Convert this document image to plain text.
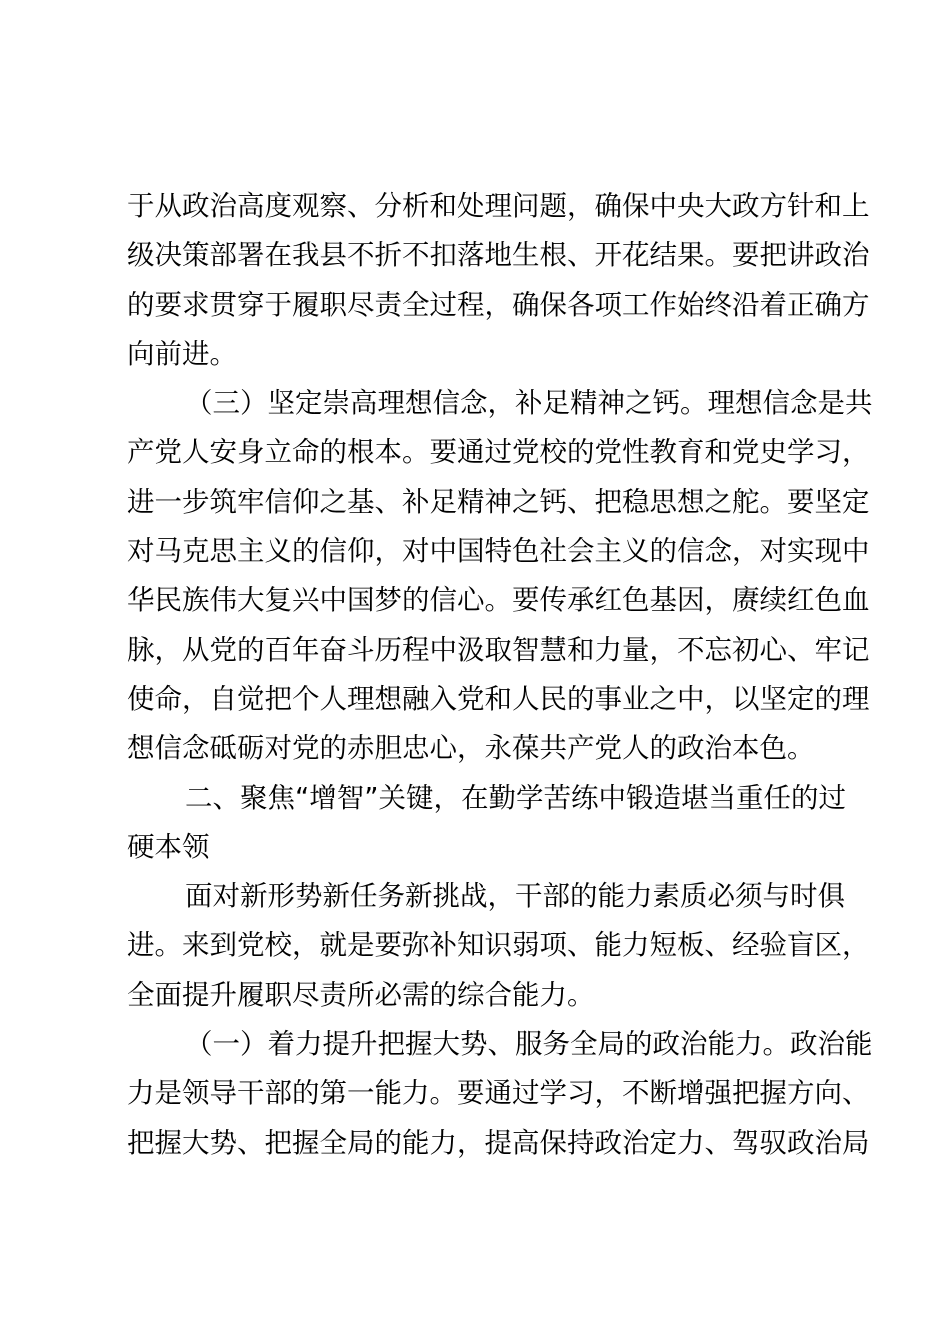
于从政治高度观察、分析和处理问题，确保中央大政方针和上
级决策部署在我县不折不扣落地生根、开花结果。要把讲政治
的要求贯穿于履职尽责全过程，确保各项工作始终沿着正确方
向前进。
（三）坚定崇高理想信念，补足精神之钙。理想信念是共
产党人安身立命的根本。要通过党校的党性教育和党史学习，
进一步筑牢信仰之基、补足精神之钙、把稳思想之舵。要坚定
对马克思主义的信仰，对中国特色社会主义的信念，对实现中
华民族伟大复兴中国梦的信心。要传承红色基因，赓续红色血
脉，从党的百年奋斗历程中汲取智慧和力量，不忘初心、牢记
使命，自觉把个人理想融入党和人民的事业之中，以坚定的理
想信念砥砺对党的赤胆忠心，永葆共产党人的政治本色。
二、聚焦“增智”关键，在勤学苦练中锻造堪当重任的过
硬本领
面对新形势新任务新挑战，干部的能力素质必须与时俱
进。来到党校，就是要弥补知识弱项、能力短板、经验盲区，
全面提升履职尽责所必需的综合能力。
（一）着力提升把握大势、服务全局的政治能力。政治能
力是领导干部的第一能力。要通过学习，不断增强把握方向、
把握大势、把握全局的能力，提高保持政治定力、驾驭政治局
